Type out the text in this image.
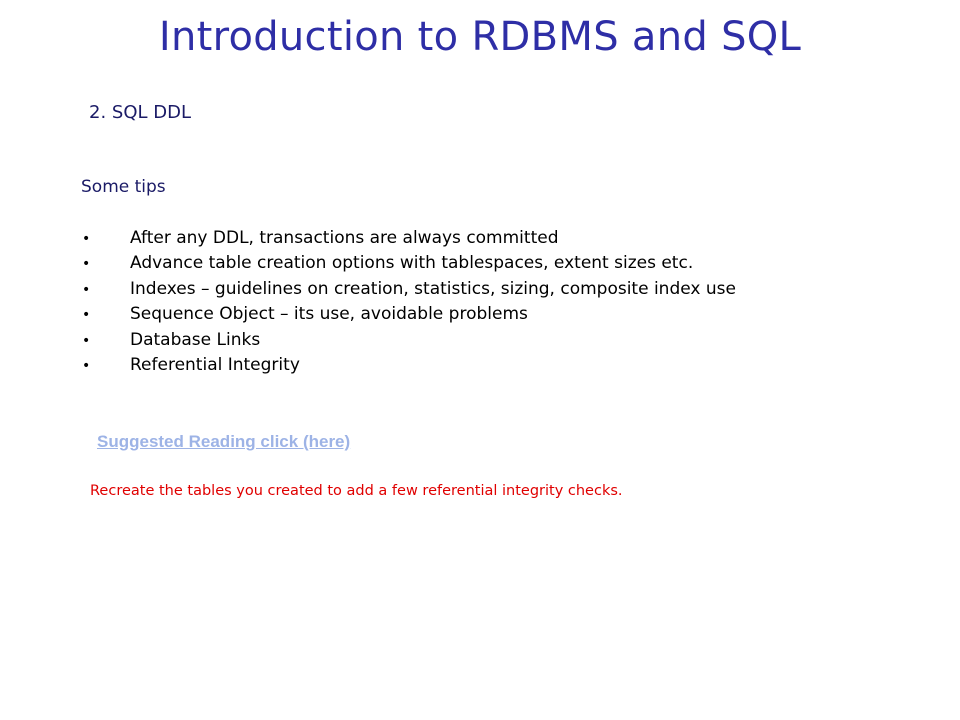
Introduction to RDBMS and SQL
2. SQL DDL
Some tips
• After any DDL, transactions are always committed
• Advance table creation options with tablespaces, extent sizes etc.
• Indexes – guidelines on creation, statistics, sizing, composite index use
• Sequence Object – its use, avoidable problems
• Database Links
• Referential Integrity
Suggested Reading click (here)
Recreate the tables you created to add a few referential integrity checks.
